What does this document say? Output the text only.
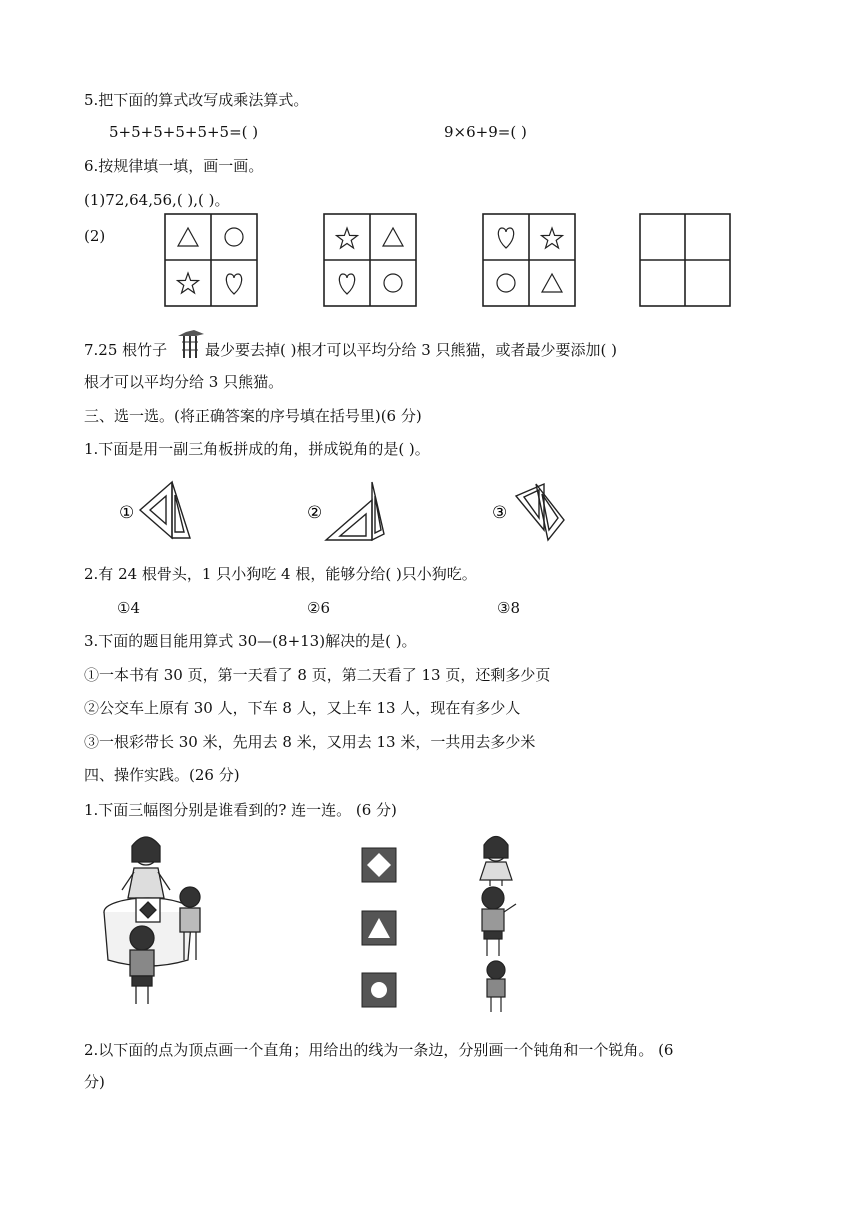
5.把下面的算式改写成乘法算式。
5+5+5+5+5+5=( )	9×6+9=( )
6.按规律填一填，画一画。
(1)72,64,56,( ),( )。
(2)
7.25 根竹子	最少要去掉( )根才可以平均分给 3 只熊猫，或者最少要添加( )
根才可以平均分给 3 只熊猫。
三、选一选。(将正确答案的序号填在括号里)(6 分)
1.下面是用一副三角板拼成的角，拼成锐角的是( )。
①	②	③
2.有 24 根骨头，1 只小狗吃 4 根，能够分给( )只小狗吃。
①4	②6	③8
3.下面的题目能用算式 30—(8+13)解决的是( )。
①一本书有 30 页，第一天看了 8 页，第二天看了 13 页，还剩多少页
②公交车上原有 30 人，下车 8 人，又上车 13 人，现在有多少人
③一根彩带长 30 米，先用去 8 米，又用去 13 米，一共用去多少米
四、操作实践。(26 分)
1.下面三幅图分别是谁看到的? 连一连。 (6 分)
2.以下面的点为顶点画一个直角；用给出的线为一条边，分别画一个钝角和一个锐角。 (6
分)
